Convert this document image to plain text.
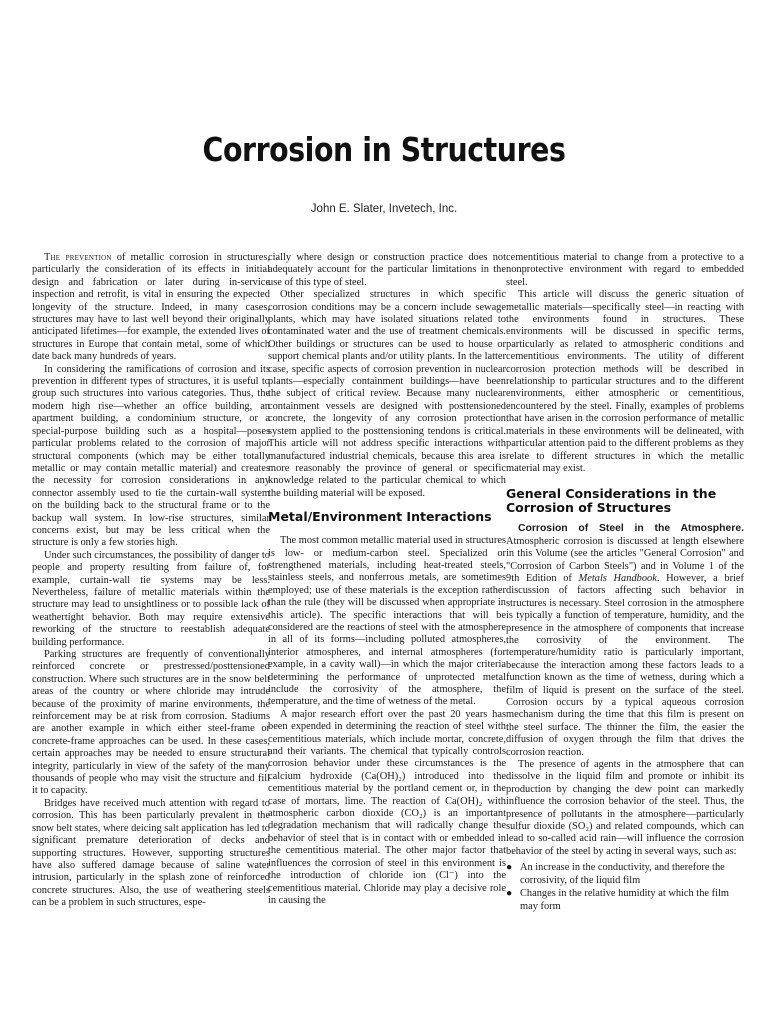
Corrosion in Structures
John E. Slater, Invetech, Inc.

The prevention of metallic corrosion in structures, particularly the consideration of its effects in initial design and fabrication or later during in-service inspection and retrofit, is vital in ensuring the expected longevity of the structure. Indeed, in many cases, structures may have to last well beyond their originally anticipated lifetimes—for example, the extended lives of structures in Europe that contain metal, some of which date back many hundreds of years.

In considering the ramifications of corrosion and its prevention in different types of structures, it is useful to group such structures into various categories. Thus, the modern high rise—whether an office building, an apartment building, a condominium structure, or a special-purpose building such as a hospital—poses particular problems related to the corrosion of major structural components (which may be either totally metallic or may contain metallic material) and creates the necessity for corrosion considerations in any connector assembly used to tie the curtain-wall system on the building back to the structural frame or to the backup wall system. In low-rise structures, similar concerns exist, but may be less critical when the structure is only a few stories high.

Under such circumstances, the possibility of danger to people and property resulting from failure of, for example, curtain-wall tie systems may be less. Nevertheless, failure of metallic materials within the structure may lead to unsightliness or to possible lack of weathertight behavior. Both may require extensive reworking of the structure to reestablish adequate building performance.

Parking structures are frequently of conventionally reinforced concrete or prestressed/posttensioned construction. Where such structures are in the snow belt areas of the country or where chloride may intrude because of the proximity of marine environments, the reinforcement may be at risk from corrosion. Stadiums are another example in which either steel-frame or concrete-frame approaches can be used. In these cases, certain approaches may be needed to ensure structural integrity, particularly in view of the safety of the many thousands of people who may visit the structure and fill it to capacity.

Bridges have received much attention with regard to corrosion. This has been particularly prevalent in the snow belt states, where deicing salt application has led to significant premature deterioration of decks and supporting structures. However, supporting structures have also suffered damage because of saline water intrusion, particularly in the splash zone of reinforced concrete structures. Also, the use of weathering steels can be a problem in such structures, espe-

cially where design or construction practice does not adequately account for the particular limitations in the use of this type of steel.

Other specialized structures in which specific corrosion conditions may be a concern include sewage plants, which may have isolated situations related to contaminated water and the use of treatment chemicals. Other buildings or structures can be used to house or support chemical plants and/or utility plants. In the latter case, specific aspects of corrosion prevention in nuclear plants—especially containment buildings—have been the subject of critical review. Because many nuclear containment vessels are designed with posttensioned concrete, the longevity of any corrosion protection system applied to the posttensioning tendons is critical. This article will not address specific interactions with manufactured industrial chemicals, because this area is more reasonably the province of general or specific knowledge related to the particular chemical to which the building material will be exposed.

Metal/Environment Interactions

The most common metallic material used in structures is low- or medium-carbon steel. Specialized or strengthened materials, including heat-treated steels, stainless steels, and nonferrous metals, are sometimes employed; use of these materials is the exception rather than the rule (they will be discussed when appropriate in this article). The specific interactions that will be considered are the reactions of steel with the atmosphere in all of its forms—including polluted atmospheres, interior atmospheres, and internal atmospheres (for example, in a cavity wall)—in which the major criteria determining the performance of unprotected metal include the corrosivity of the atmosphere, the temperature, and the time of wetness of the metal.

A major research effort over the past 20 years has been expended in determining the reaction of steel with cementitious materials, which include mortar, concrete, and their variants. The chemical that typically controls corrosion behavior under these circumstances is the calcium hydroxide (Ca(OH)₂) introduced into the cementitious material by the portland cement or, in the case of mortars, lime. The reaction of Ca(OH)₂ with atmospheric carbon dioxide (CO₂) is an important degradation mechanism that will radically change the behavior of steel that is in contact with or embedded in the cementitious material. The other major factor that influences the corrosion of steel in this environment is the introduction of chloride ion (Cl⁻) into the cementitious material. Chloride may play a decisive role in causing the

cementitious material to change from a protective to a nonprotective environment with regard to embedded steel.

This article will discuss the generic situation of metallic materials—specifically steel—in reacting with the environments found in structures. These environments will be discussed in specific terms, particularly as related to atmospheric conditions and cementitious environments. The utility of different corrosion protection methods will be described in relationship to particular structures and to the different environments, either atmospheric or cementitious, encountered by the steel. Finally, examples of problems that have arisen in the corrosion performance of metallic materials in these environments will be delineated, with particular attention paid to the different problems as they relate to different structures in which the metallic material may exist.

General Considerations in the Corrosion of Structures

Corrosion of Steel in the Atmosphere. Atmospheric corrosion is discussed at length elsewhere in this Volume (see the articles "General Corrosion" and "Corrosion of Carbon Steels") and in Volume 1 of the 9th Edition of Metals Handbook. However, a brief discussion of factors affecting such behavior in structures is necessary. Steel corrosion in the atmosphere is typically a function of temperature, humidity, and the presence in the atmosphere of components that increase the corrosivity of the environment. The temperature/humidity ratio is particularly important, because the interaction among these factors leads to a function known as the time of wetness, during which a film of liquid is present on the surface of the steel. Corrosion occurs by a typical aqueous corrosion mechanism during the time that this film is present on the steel surface. The thinner the film, the easier the diffusion of oxygen through the film that drives the corrosion reaction.

The presence of agents in the atmosphere that can dissolve in the liquid film and promote or inhibit its production by changing the dew point can markedly influence the corrosion behavior of the steel. Thus, the presence of pollutants in the atmosphere—particularly sulfur dioxide (SO₂) and related compounds, which can lead to so-called acid rain—will influence the corrosion behavior of the steel by acting in several ways, such as:

● An increase in the conductivity, and therefore the corrosivity, of the liquid film
● Changes in the relative humidity at which the film may form
